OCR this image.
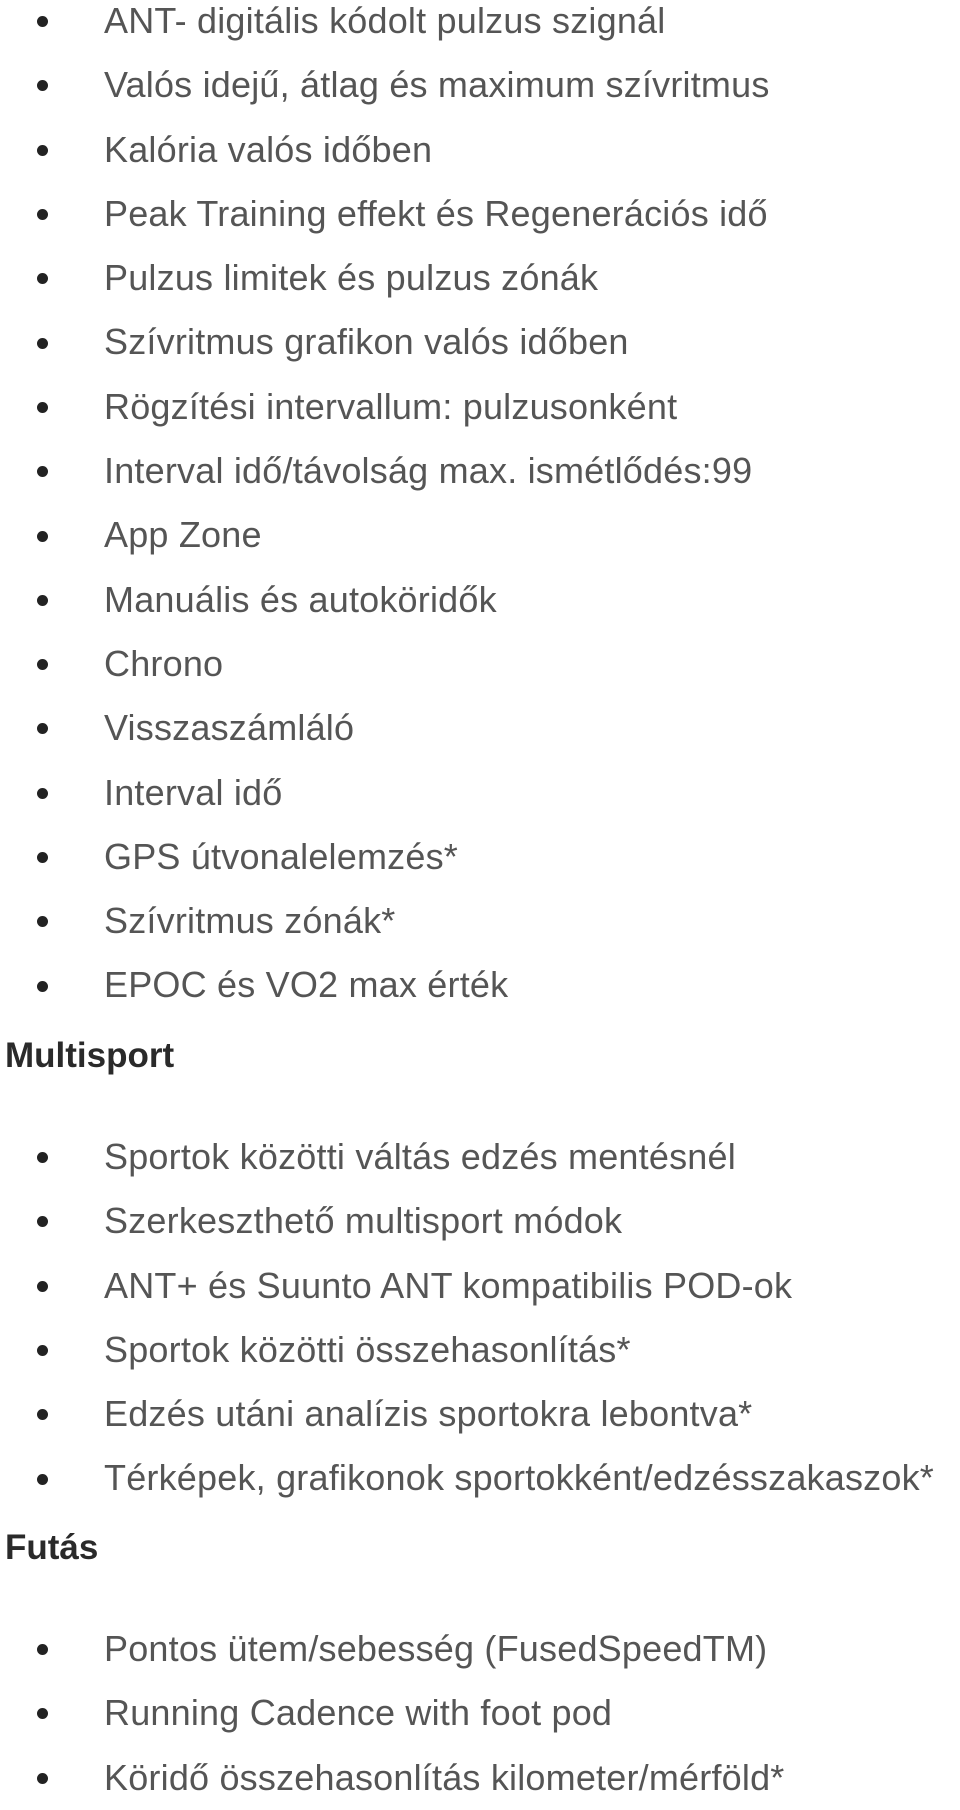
ANT- digitális kódolt pulzus szignál
Valós idejű, átlag és maximum szívritmus
Kalória valós időben
Peak Training effekt és Regenerációs idő
Pulzus limitek és pulzus zónák
Szívritmus grafikon valós időben
Rögzítési intervallum: pulzusonként
Interval idő/távolság max. ismétlődés:99
App Zone
Manuális és autoköridők
Chrono
Visszaszámláló
Interval idő
GPS útvonalelemzés*
Szívritmus zónák*
EPOC és VO2 max érték
Multisport
Sportok közötti váltás edzés mentésnél
Szerkeszthető multisport módok
ANT+ és Suunto ANT kompatibilis POD-ok
Sportok közötti összehasonlítás*
Edzés utáni analízis sportokra lebontva*
Térképek, grafikonok sportokként/edzésszakaszok*
Futás
Pontos ütem/sebesség (FusedSpeedTM)
Running Cadence with foot pod
Köridő összehasonlítás kilometer/mérföld*
